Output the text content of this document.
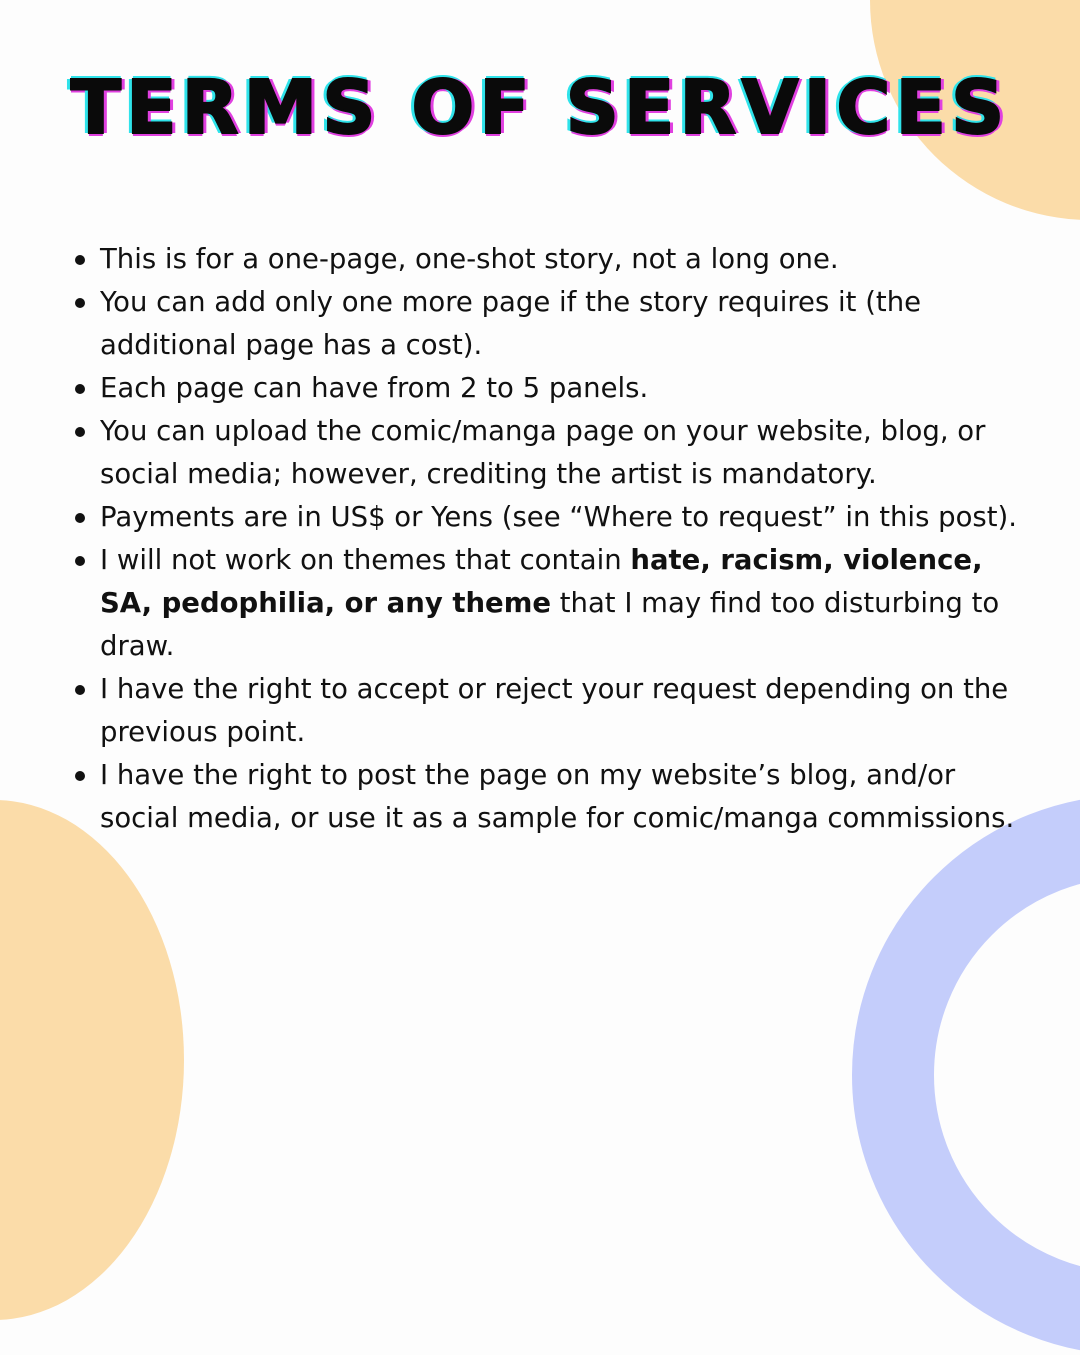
TERMS OF SERVICES
This is for a one-page, one-shot story, not a long one.
You can add only one more page if the story requires it (the additional page has a cost).
Each page can have from 2 to 5 panels.
You can upload the comic/manga page on your website, blog, or social media; however, crediting the artist is mandatory.
Payments are in US$ or Yens (see “Where to request” in this post).
I will not work on themes that contain hate, racism, violence, SA, pedophilia, or any theme that I may find too disturbing to draw.
I have the right to accept or reject your request depending on the previous point.
I have the right to post the page on my website’s blog, and/or social media, or use it as a sample for comic/manga commissions.
